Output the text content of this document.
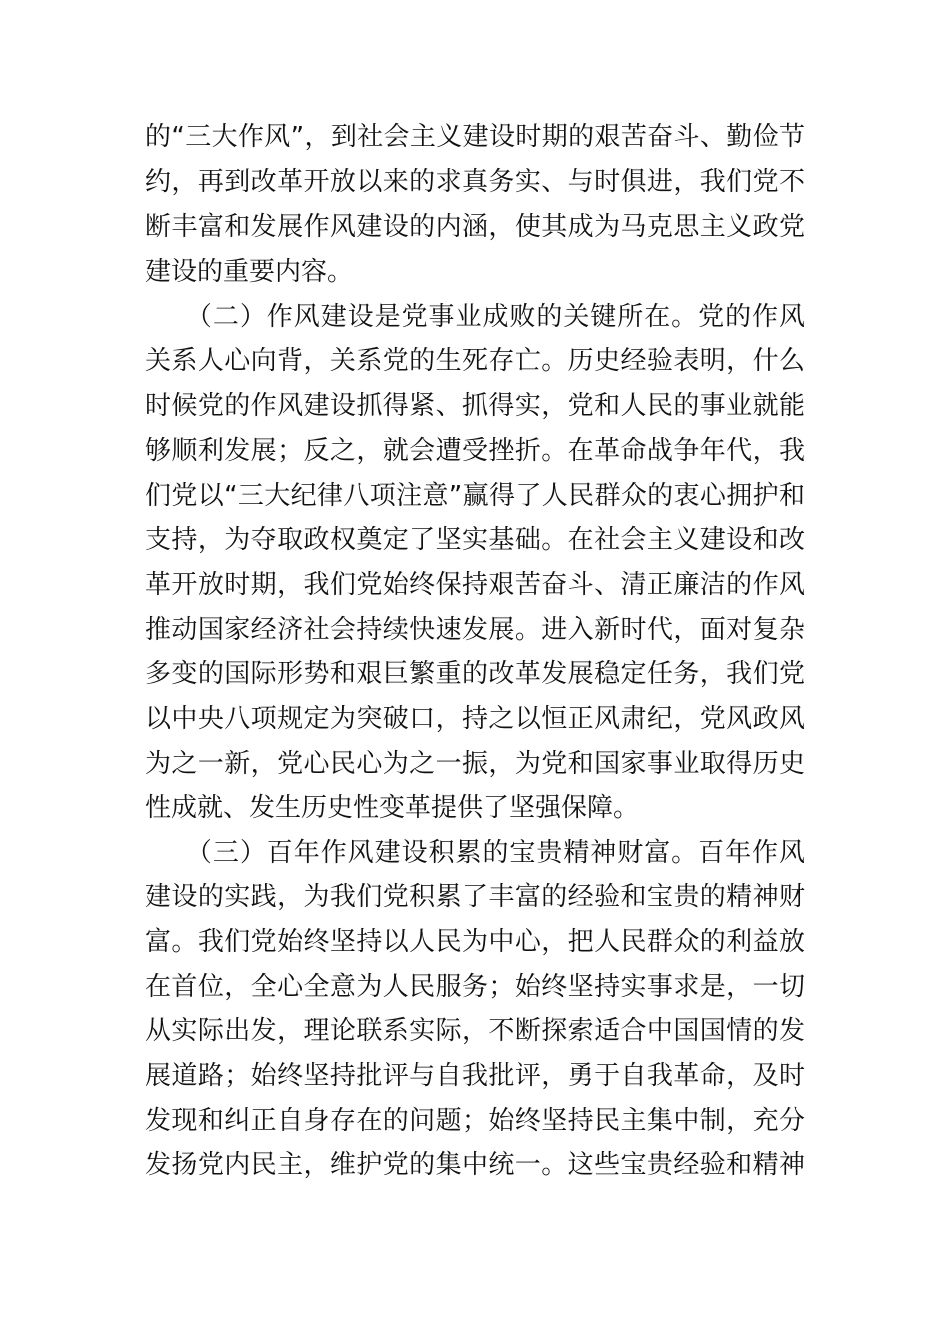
的“三大作风”，到社会主义建设时期的艰苦奋斗、勤俭节
约，再到改革开放以来的求真务实、与时俱进，我们党不
断丰富和发展作风建设的内涵，使其成为马克思主义政党
建设的重要内容。
　　（二）作风建设是党事业成败的关键所在。党的作风
关系人心向背，关系党的生死存亡。历史经验表明，什么
时候党的作风建设抓得紧、抓得实，党和人民的事业就能
够顺利发展；反之，就会遭受挫折。在革命战争年代，我
们党以“三大纪律八项注意”赢得了人民群众的衷心拥护和
支持，为夺取政权奠定了坚实基础。在社会主义建设和改
革开放时期，我们党始终保持艰苦奋斗、清正廉洁的作风
推动国家经济社会持续快速发展。进入新时代，面对复杂
多变的国际形势和艰巨繁重的改革发展稳定任务，我们党
以中央八项规定为突破口，持之以恒正风肃纪，党风政风
为之一新，党心民心为之一振，为党和国家事业取得历史
性成就、发生历史性变革提供了坚强保障。
　　（三）百年作风建设积累的宝贵精神财富。百年作风
建设的实践，为我们党积累了丰富的经验和宝贵的精神财
富。我们党始终坚持以人民为中心，把人民群众的利益放
在首位，全心全意为人民服务；始终坚持实事求是，一切
从实际出发，理论联系实际，不断探索适合中国国情的发
展道路；始终坚持批评与自我批评，勇于自我革命，及时
发现和纠正自身存在的问题；始终坚持民主集中制，充分
发扬党内民主，维护党的集中统一。这些宝贵经验和精神
